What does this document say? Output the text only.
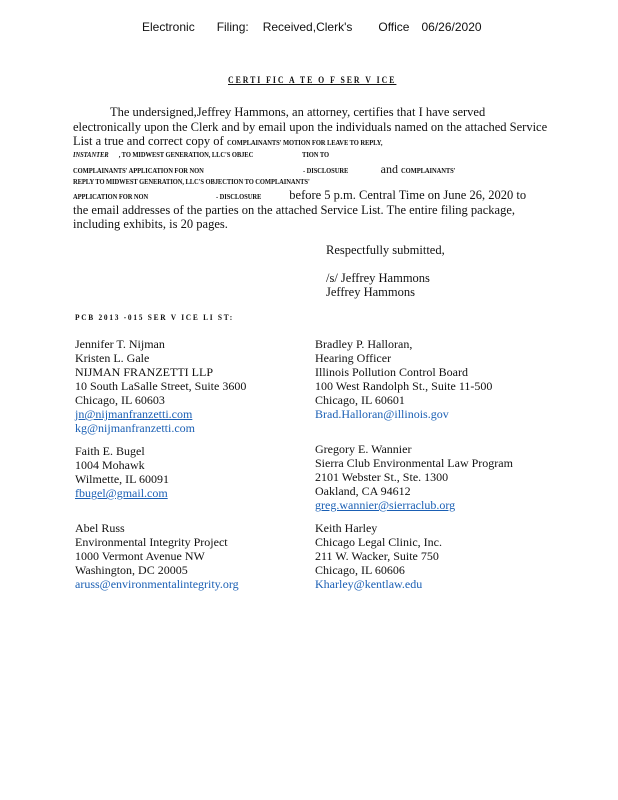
Electronic Filing: Received,Clerk's Office 06/26/2020
CERTI FIC A TE O F SER V ICE
The undersigned,Jeffrey Hammons, an attorney, certifies that I have served
electronically upon the Clerk and by email upon the individuals named on the attached Service
List a true and correct copy of COMPLAINANTS' MOTION FOR LEAVE TO REPLY,
INSTANTER , TO MIDWEST GENERATION, LLC'S OBJEC	TION TO
COMPLAINANTS' APPLICATION FOR NON	- DISCLOSURE	and COMPLAINANTS'
REPLY TO MIDWEST GENERATION, LLC'S OBJECTION TO COMPLAINANTS'
APPLICATION FOR NON	- DISCLOSURE before 5 p.m. Central Time on June 26, 2020 to
the email addresses of the parties on the attached Service List. The entire filing package,
including exhibits, is 20 pages.
Respectfully submitted,
/s/ Jeffrey Hammons
Jeffrey Hammons
PCB 2013 -015 SER V ICE LI ST:
Jennifer T. Nijman
Kristen L. Gale
NIJMAN FRANZETTI LLP
10 South LaSalle Street, Suite 3600
Chicago, IL 60603
jn@nijmanfranzetti.com
kg@nijmanfranzetti.com
Bradley P. Halloran,
Hearing Officer
Illinois Pollution Control Board
100 West Randolph St., Suite 11-500
Chicago, IL 60601
Brad.Halloran@illinois.gov
Faith E. Bugel
1004 Mohawk
Wilmette, IL 60091
fbugel@gmail.com
Gregory E. Wannier
Sierra Club Environmental Law Program
2101 Webster St., Ste. 1300
Oakland, CA 94612
greg.wannier@sierraclub.org
Abel Russ
Environmental Integrity Project
1000 Vermont Avenue NW
Washington, DC 20005
aruss@environmentalintegrity.org
Keith Harley
Chicago Legal Clinic, Inc.
211 W. Wacker, Suite 750
Chicago, IL 60606
Kharley@kentlaw.edu
